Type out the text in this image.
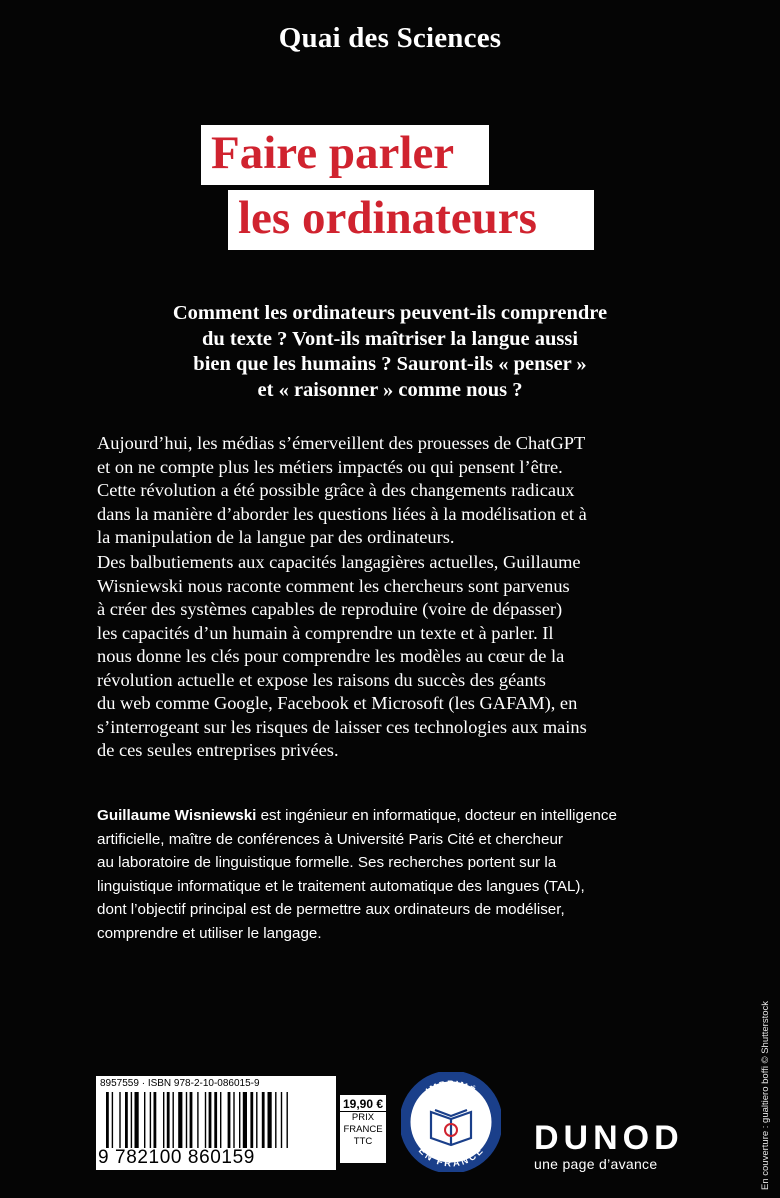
Quai des Sciences
Faire parler
les ordinateurs
Comment les ordinateurs peuvent-ils comprendre
du texte ? Vont-ils maîtriser la langue aussi
bien que les humains ? Sauront-ils « penser »
et « raisonner » comme nous ?
Aujourd’hui, les médias s’émerveillent des prouesses de ChatGPT
et on ne compte plus les métiers impactés ou qui pensent l’être.
Cette révolution a été possible grâce à des changements radicaux
dans la manière d’aborder les questions liées à la modélisation et à
la manipulation de la langue par des ordinateurs.
Des balbutiements aux capacités langagières actuelles, Guillaume
Wisniewski nous raconte comment les chercheurs sont parvenus
à créer des systèmes capables de reproduire (voire de dépasser)
les capacités d’un humain à comprendre un texte et à parler. Il
nous donne les clés pour comprendre les modèles au cœur de la
révolution actuelle et expose les raisons du succès des géants
du web comme Google, Facebook et Microsoft (les GAFAM), en
s’interrogeant sur les risques de laisser ces technologies aux mains
de ces seules entreprises privées.
Guillaume Wisniewski est ingénieur en informatique, docteur en intelligence
artificielle, maître de conférences à Université Paris Cité et chercheur
au laboratoire de linguistique formelle. Ses recherches portent sur la
linguistique informatique et le traitement automatique des langues (TAL),
dont l’objectif principal est de permettre aux ordinateurs de modéliser,
comprendre et utiliser le langage.
En couverture : gualtiero boffi © Shutterstock
8957559 · ISBN 978-2-10-086015-9
9 782100 860159
19,90 €
PRIX
FRANCE
TTC
IMPRIMÉ
EN FRANCE DUNOD
une page d’avance
